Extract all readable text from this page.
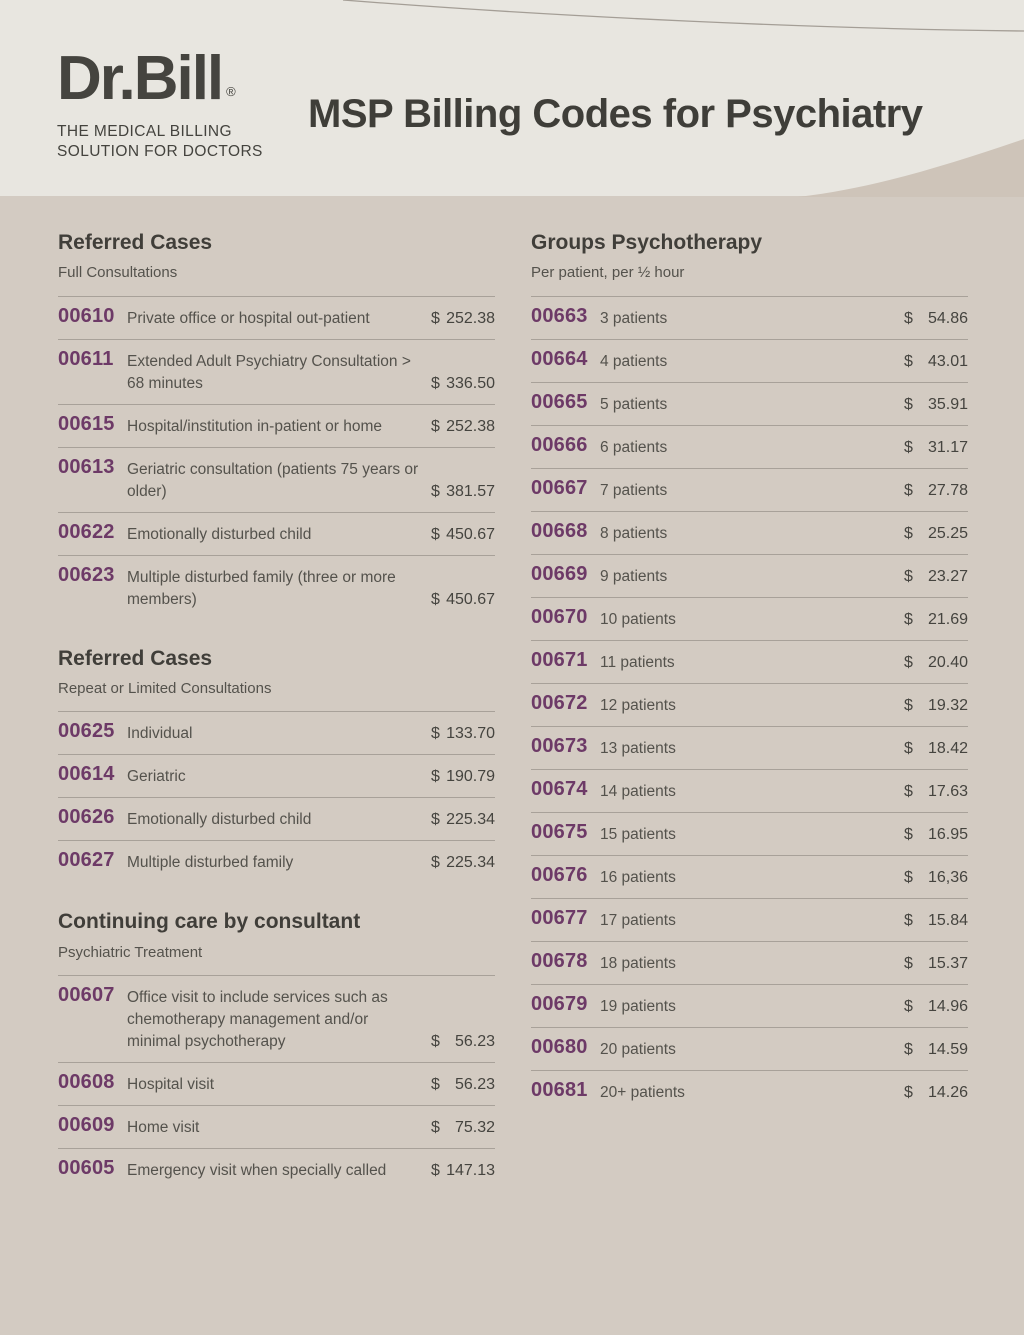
Dr.Bill ®
THE MEDICAL BILLING
SOLUTION FOR DOCTORS
MSP Billing Codes for Psychiatry
Referred Cases
Full Consultations
00610 Private office or hospital out-patient	$ 252.38
00611 Extended Adult Psychiatry Consultation > 68 minutes	$ 336.50
00615 Hospital/institution in-patient or home	$ 252.38
00613 Geriatric consultation (patients 75 years or older)	$ 381.57
00622 Emotionally disturbed child	$ 450.67
00623 Multiple disturbed family (three or more members)	$ 450.67
Referred Cases
Repeat or Limited Consultations
00625 Individual	$ 133.70
00614 Geriatric	$ 190.79
00626 Emotionally disturbed child	$ 225.34
00627 Multiple disturbed family	$ 225.34
Continuing care by consultant
Psychiatric Treatment
00607 Office visit to include services such as chemotherapy management and/or minimal psychotherapy	$ 56.23
00608 Hospital visit	$ 56.23
00609 Home visit	$ 75.32
00605 Emergency visit when specially called	$ 147.13
Groups Psychotherapy
Per patient, per ½ hour
00663 3 patients	$ 54.86
00664 4 patients	$ 43.01
00665 5 patients	$ 35.91
00666 6 patients	$ 31.17
00667 7 patients	$ 27.78
00668 8 patients	$ 25.25
00669 9 patients	$ 23.27
00670 10 patients	$ 21.69
00671 11 patients	$ 20.40
00672 12 patients	$ 19.32
00673 13 patients	$ 18.42
00674 14 patients	$ 17.63
00675 15 patients	$ 16.95
00676 16 patients	$ 16,36
00677 17 patients	$ 15.84
00678 18 patients	$ 15.37
00679 19 patients	$ 14.96
00680 20 patients	$ 14.59
00681 20+ patients	$ 14.26
